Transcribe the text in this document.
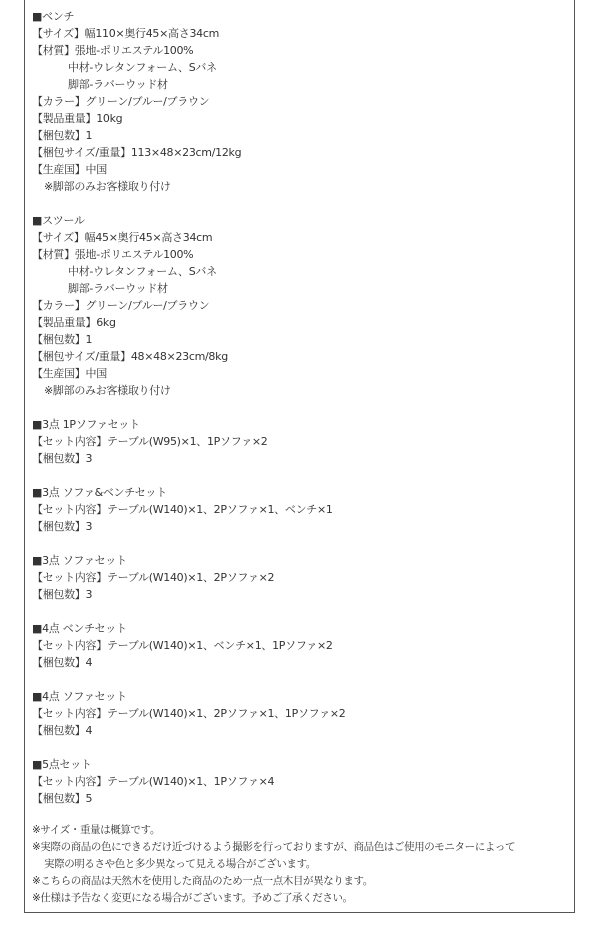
■ベンチ
【サイズ】幅110×奥行45×高さ34cm
【材質】張地-ポリエステル100%
中材-ウレタンフォーム、Sバネ
脚部-ラバーウッド材
【カラー】グリーン/ブルー/ブラウン
【製品重量】10kg
【梱包数】1
【梱包サイズ/重量】113×48×23cm/12kg
【生産国】中国
※脚部のみお客様取り付け
■スツール
【サイズ】幅45×奥行45×高さ34cm
【材質】張地-ポリエステル100%
中材-ウレタンフォーム、Sバネ
脚部-ラバーウッド材
【カラー】グリーン/ブルー/ブラウン
【製品重量】6kg
【梱包数】1
【梱包サイズ/重量】48×48×23cm/8kg
【生産国】中国
※脚部のみお客様取り付け
■3点 1Pソファセット
【セット内容】テーブル(W95)×1、1Pソファ×2
【梱包数】3
■3点 ソファ&ベンチセット
【セット内容】テーブル(W140)×1、2Pソファ×1、ベンチ×1
【梱包数】3
■3点 ソファセット
【セット内容】テーブル(W140)×1、2Pソファ×2
【梱包数】3
■4点 ベンチセット
【セット内容】テーブル(W140)×1、ベンチ×1、1Pソファ×2
【梱包数】4
■4点 ソファセット
【セット内容】テーブル(W140)×1、2Pソファ×1、1Pソファ×2
【梱包数】4
■5点セット
【セット内容】テーブル(W140)×1、1Pソファ×4
【梱包数】5
※サイズ・重量は概算です。
※実際の商品の色にできるだけ近づけるよう撮影を行っておりますが、商品色はご使用のモニターによって
実際の明るさや色と多少異なって見える場合がございます。
※こちらの商品は天然木を使用した商品のため一点一点木目が異なります。
※仕様は予告なく変更になる場合がございます。予めご了承ください。
